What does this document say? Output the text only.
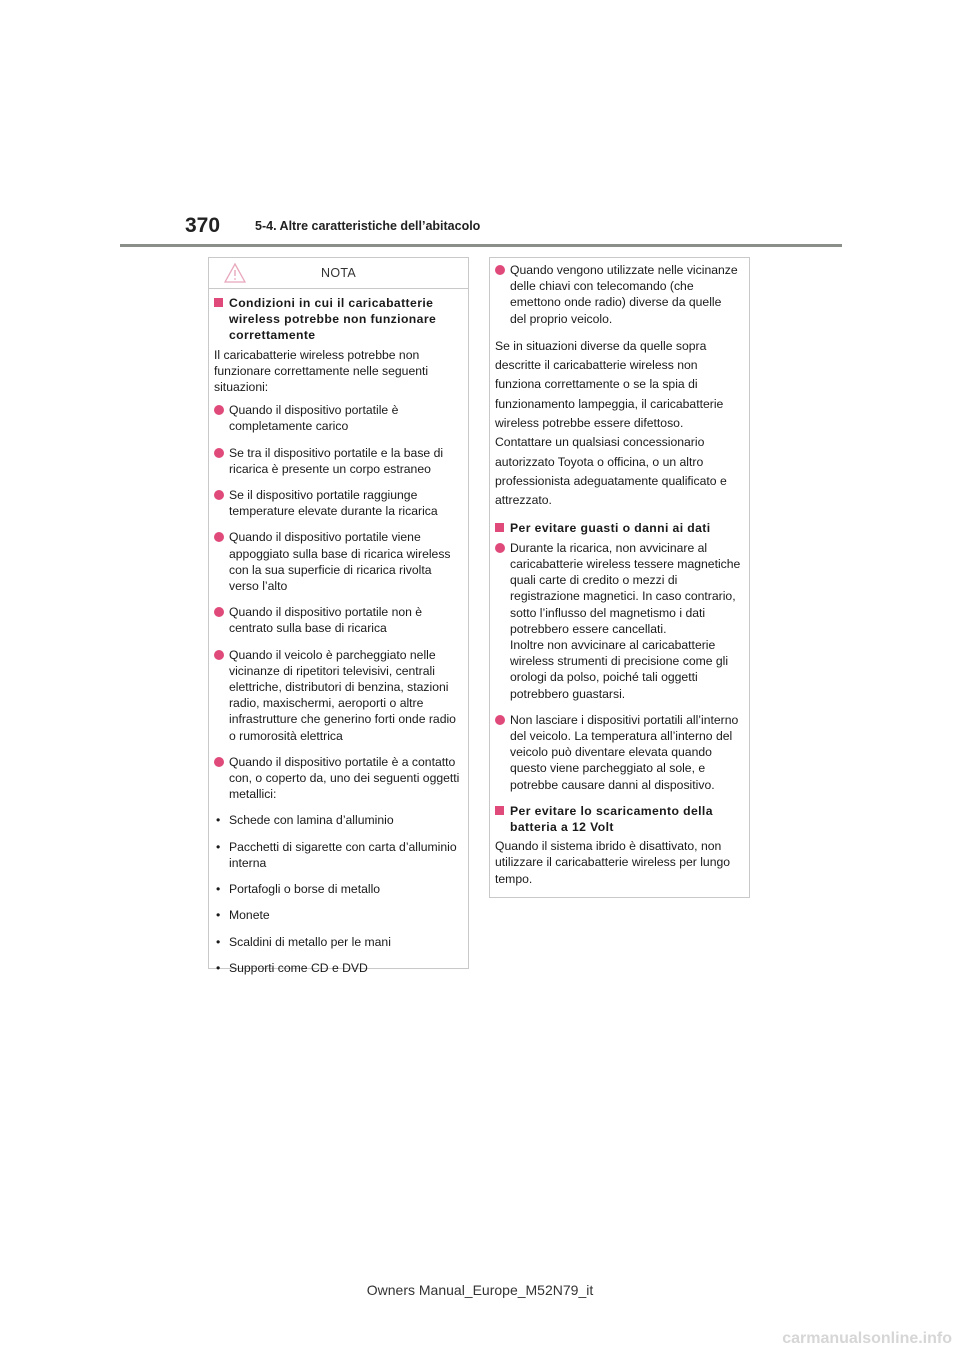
370	5-4. Altre caratteristiche dell’abitacolo
NOTA
Condizioni in cui il caricabatterie wireless potrebbe non funzionare correttamente
Il caricabatterie wireless potrebbe non funzionare correttamente nelle seguenti situazioni:
Quando il dispositivo portatile è completamente carico
Se tra il dispositivo portatile e la base di ricarica è presente un corpo estraneo
Se il dispositivo portatile raggiunge temperature elevate durante la ricarica
Quando il dispositivo portatile viene appoggiato sulla base di ricarica wireless con la sua superficie di ricarica rivolta verso l’alto
Quando il dispositivo portatile non è centrato sulla base di ricarica
Quando il veicolo è parcheggiato nelle vicinanze di ripetitori televisivi, centrali elettriche, distributori di benzina, stazioni radio, maxischermi, aeroporti o altre infrastrutture che generino forti onde radio o rumorosità elettrica
Quando il dispositivo portatile è a contatto con, o coperto da, uno dei seguenti oggetti metallici:
• Schede con lamina d’alluminio
• Pacchetti di sigarette con carta d’alluminio interna
• Portafogli o borse di metallo
• Monete
• Scaldini di metallo per le mani
• Supporti come CD e DVD
Quando vengono utilizzate nelle vicinanze delle chiavi con telecomando (che emettono onde radio) diverse da quelle del proprio veicolo.
Se in situazioni diverse da quelle sopra descritte il caricabatterie wireless non funziona correttamente o se la spia di funzionamento lampeggia, il caricabatterie wireless potrebbe essere difettoso. Contattare un qualsiasi concessionario autorizzato Toyota o officina, o un altro professionista adeguatamente qualificato e attrezzato.
Per evitare guasti o danni ai dati
Durante la ricarica, non avvicinare al caricabatterie wireless tessere magnetiche quali carte di credito o mezzi di registrazione magnetici. In caso contrario, sotto l’influsso del magnetismo i dati potrebbero essere cancellati.
Inoltre non avvicinare al caricabatterie wireless strumenti di precisione come gli orologi da polso, poiché tali oggetti potrebbero guastarsi.
Non lasciare i dispositivi portatili all’interno del veicolo. La temperatura all’interno del veicolo può diventare elevata quando questo viene parcheggiato al sole, e potrebbe causare danni al dispositivo.
Per evitare lo scaricamento della batteria a 12 Volt
Quando il sistema ibrido è disattivato, non utilizzare il caricabatterie wireless per lungo tempo.
Owners Manual_Europe_M52N79_it
carmanualsonline.info
